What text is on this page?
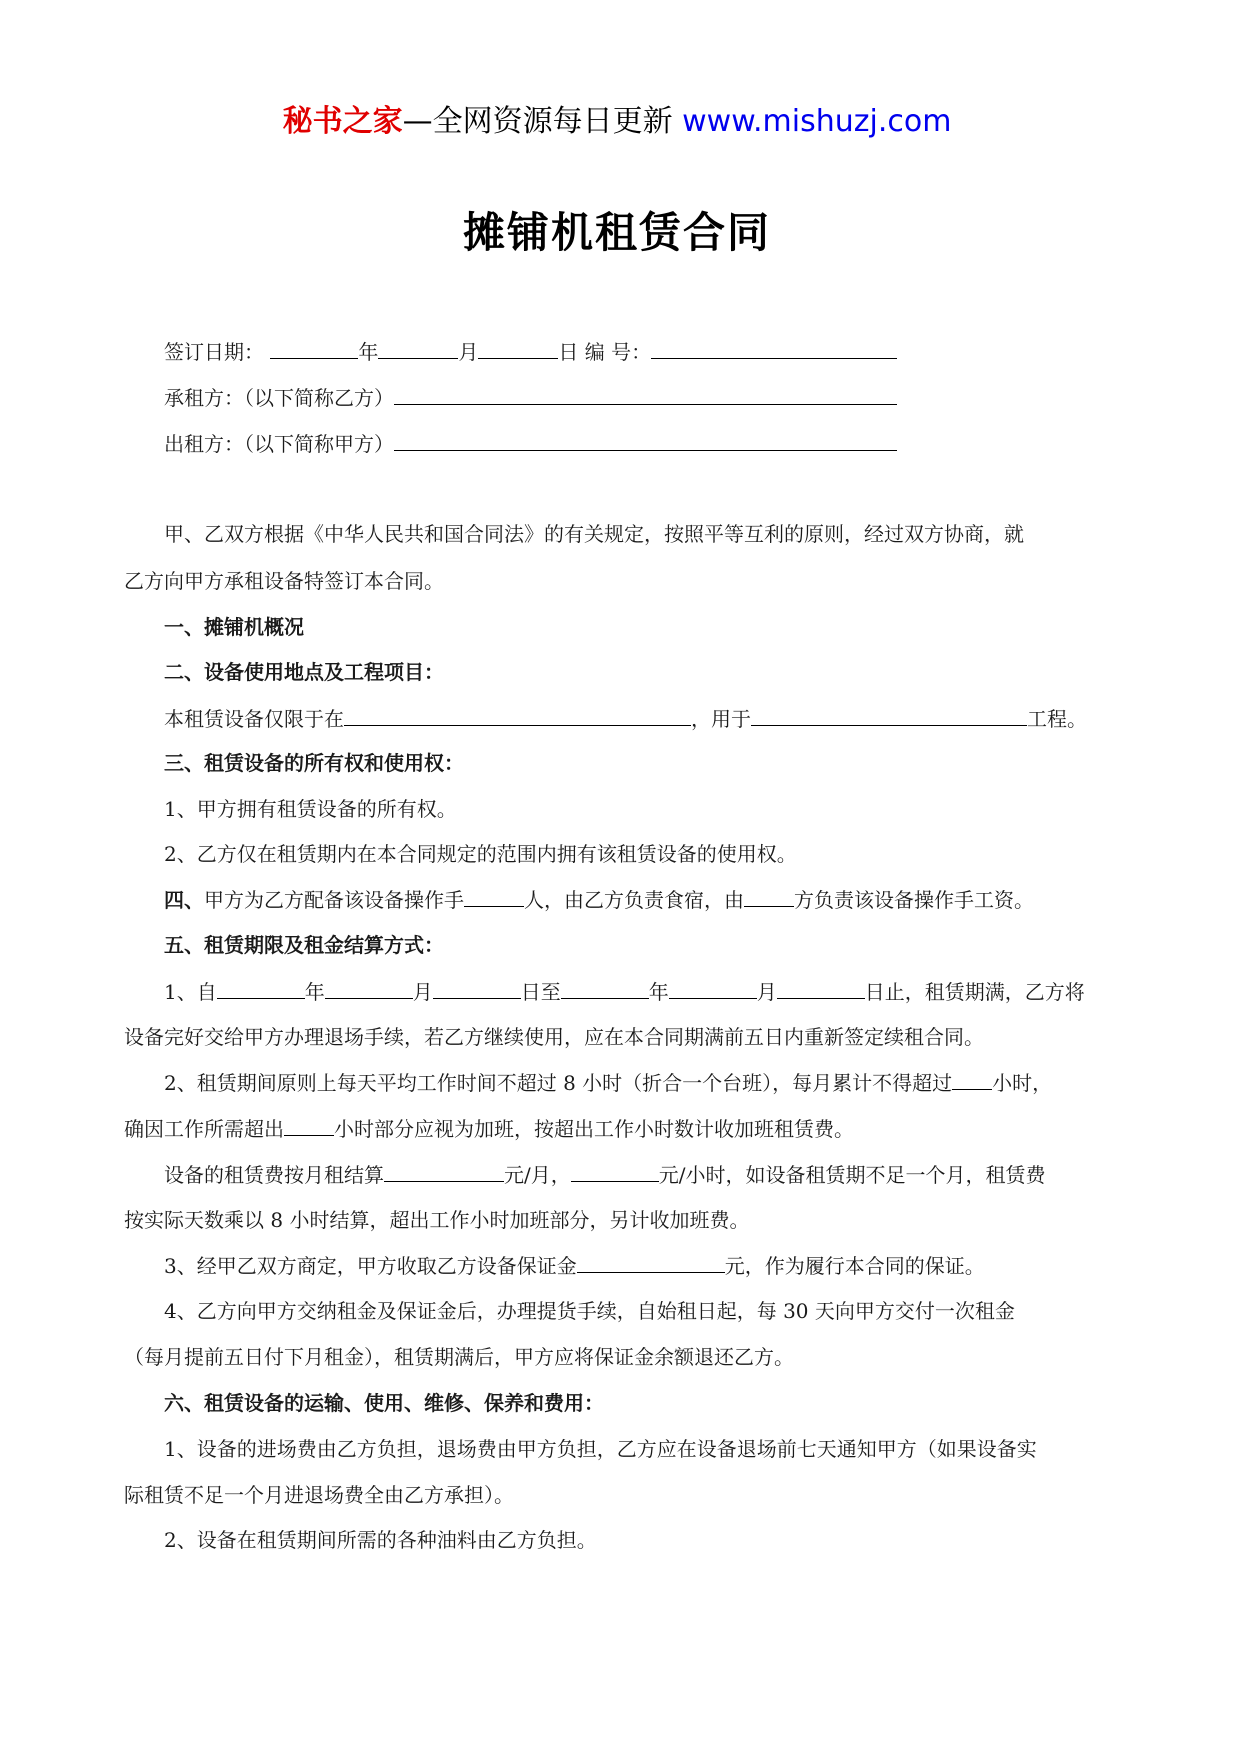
秘书之家—全网资源每日更新 www.mishuzj.com
摊铺机租赁合同
签订日期：	年	月	日 编 号：
承租方：（以下简称乙方）
出租方：（以下简称甲方）
甲、乙双方根据《中华人民共和国合同法》的有关规定，按照平等互利的原则，经过双方协商，就
乙方向甲方承租设备特签订本合同。
一、摊铺机概况
二、设备使用地点及工程项目：
本租赁设备仅限于在	，用于	工程。
三、租赁设备的所有权和使用权：
1、甲方拥有租赁设备的所有权。
2、乙方仅在租赁期内在本合同规定的范围内拥有该租赁设备的使用权。
四、甲方为乙方配备该设备操作手	人，由乙方负责食宿，由	方负责该设备操作手工资。
五、租赁期限及租金结算方式：
1、自	年	月	日至	年	月	日止，租赁期满，乙方将
设备完好交给甲方办理退场手续，若乙方继续使用，应在本合同期满前五日内重新签定续租合同。
2、租赁期间原则上每天平均工作时间不超过 8 小时（折合一个台班），每月累计不得超过 小时，
确因工作所需超出	小时部分应视为加班，按超出工作小时数计收加班租赁费。
设备的租赁费按月租结算	元/月，	元/小时，如设备租赁期不足一个月，租赁费
按实际天数乘以 8 小时结算，超出工作小时加班部分，另计收加班费。
3、经甲乙双方商定，甲方收取乙方设备保证金	元，作为履行本合同的保证。
4、乙方向甲方交纳租金及保证金后，办理提货手续，自始租日起，每 30 天向甲方交付一次租金
（每月提前五日付下月租金），租赁期满后，甲方应将保证金余额退还乙方。
六、租赁设备的运输、使用、维修、保养和费用：
1、设备的进场费由乙方负担，退场费由甲方负担，乙方应在设备退场前七天通知甲方（如果设备实
际租赁不足一个月进退场费全由乙方承担）。
2、设备在租赁期间所需的各种油料由乙方负担。
